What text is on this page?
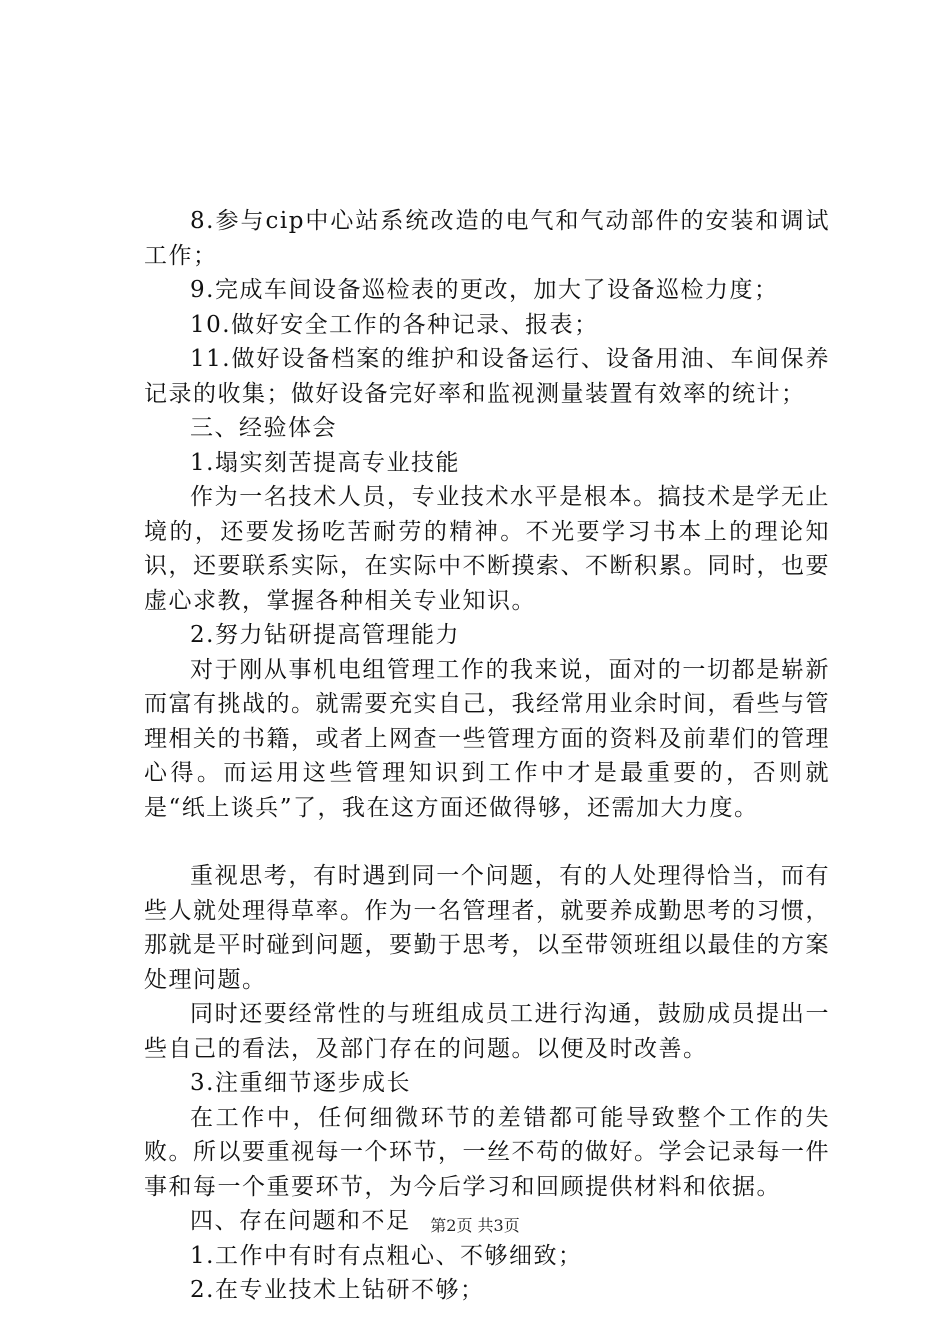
8.参与cip中心站系统改造的电气和气动部件的安装和调试工作；

9.完成车间设备巡检表的更改，加大了设备巡检力度；

10.做好安全工作的各种记录、报表；

11.做好设备档案的维护和设备运行、设备用油、车间保养记录的收集；做好设备完好率和监视测量装置有效率的统计；

三、经验体会

1.塌实刻苦提高专业技能

作为一名技术人员，专业技术水平是根本。搞技术是学无止境的，还要发扬吃苦耐劳的精神。不光要学习书本上的理论知识，还要联系实际，在实际中不断摸索、不断积累。同时，也要虚心求教，掌握各种相关专业知识。

2.努力钻研提高管理能力

对于刚从事机电组管理工作的我来说，面对的一切都是崭新而富有挑战的。就需要充实自己，我经常用业余时间，看些与管理相关的书籍，或者上网查一些管理方面的资料及前辈们的管理心得。而运用这些管理知识到工作中才是最重要的，否则就是“纸上谈兵”了，我在这方面还做得够，还需加大力度。

重视思考，有时遇到同一个问题，有的人处理得恰当，而有些人就处理得草率。作为一名管理者，就要养成勤思考的习惯，那就是平时碰到问题，要勤于思考，以至带领班组以最佳的方案处理问题。

同时还要经常性的与班组成员工进行沟通，鼓励成员提出一些自己的看法，及部门存在的问题。以便及时改善。

3.注重细节逐步成长

在工作中，任何细微环节的差错都可能导致整个工作的失败。所以要重视每一个环节，一丝不苟的做好。学会记录每一件事和每一个重要环节，为今后学习和回顾提供材料和依据。

四、存在问题和不足

1.工作中有时有点粗心、不够细致；

2.在专业技术上钻研不够；

第2页 共3页
